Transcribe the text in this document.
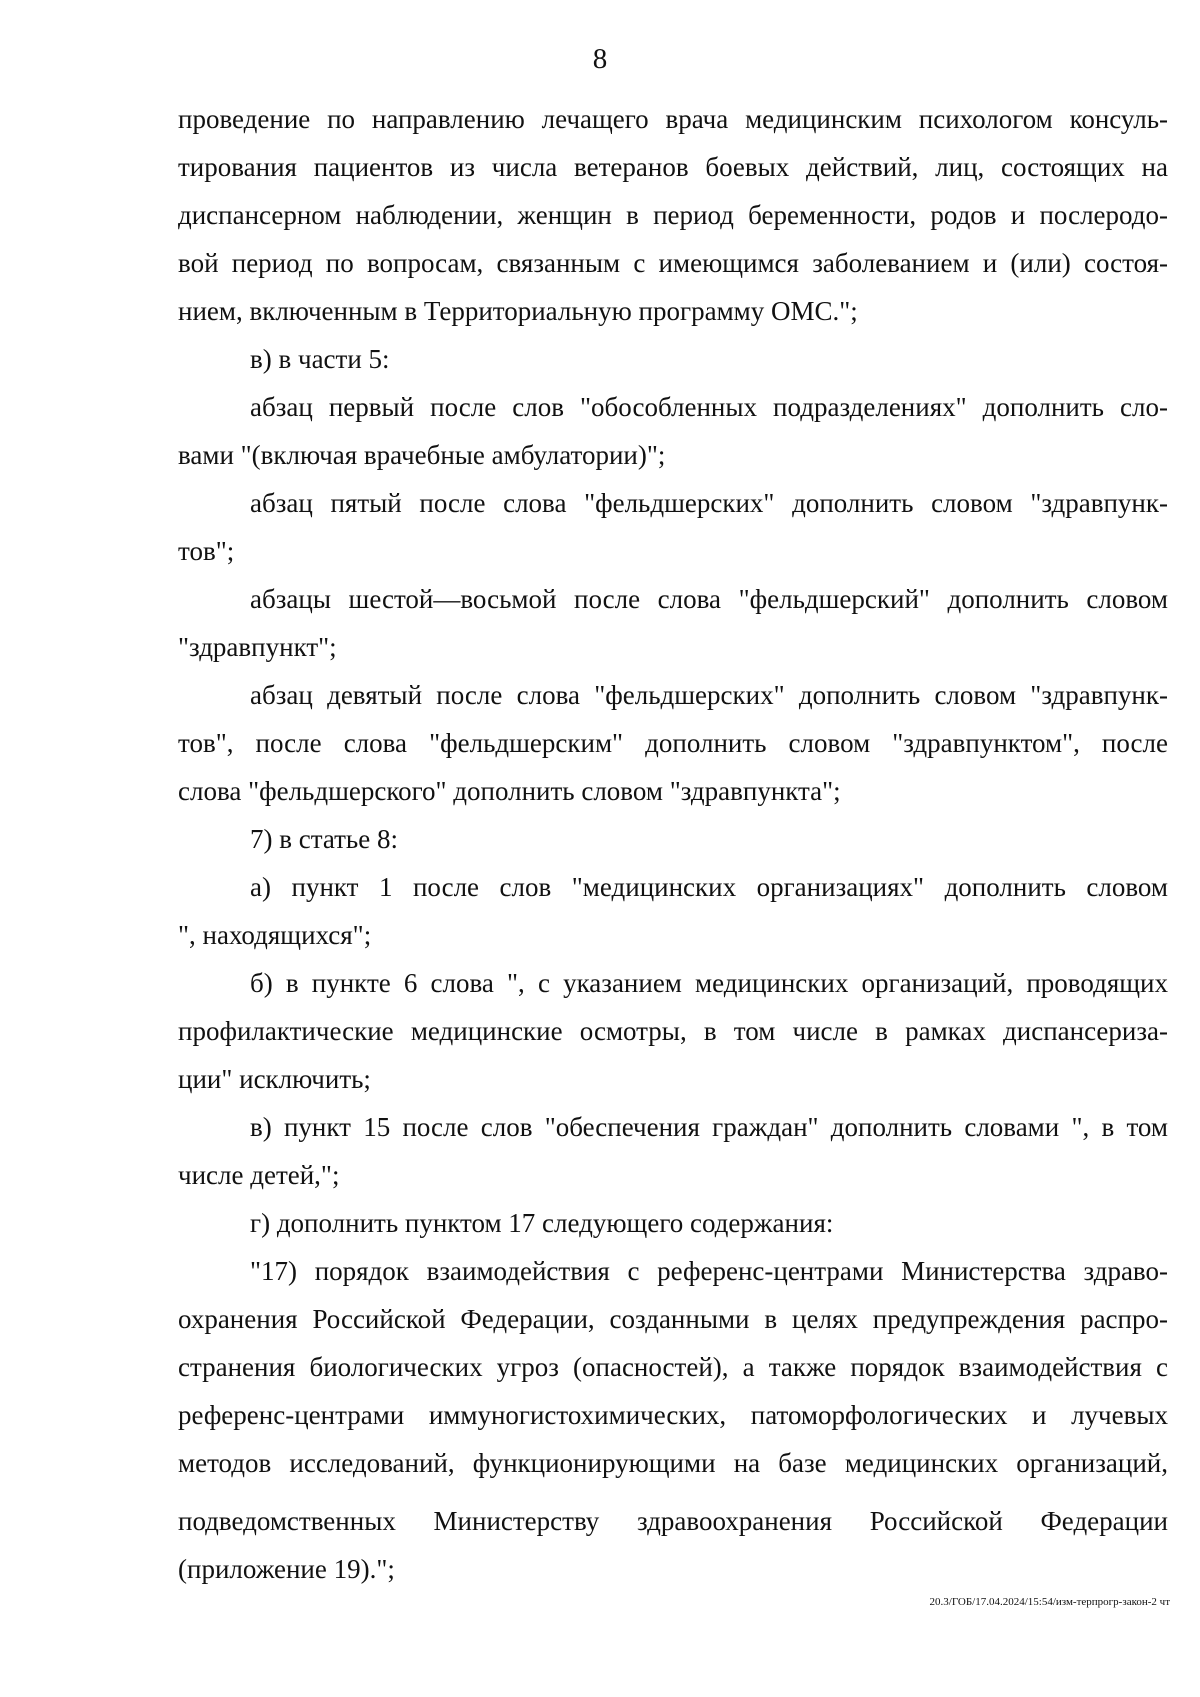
8
проведение по направлению лечащего врача медицинским психологом консуль-
тирования пациентов из числа ветеранов боевых действий, лиц, состоящих на
диспансерном наблюдении, женщин в период беременности, родов и послеродо-
вой период по вопросам, связанным с имеющимся заболеванием и (или) состоя-
нием, включенным в Территориальную программу ОМС.";
в) в части 5:
абзац первый после слов "обособленных подразделениях" дополнить сло-
вами "(включая врачебные амбулатории)";
абзац пятый после слова "фельдшерских" дополнить словом "здравпунк-
тов";
абзацы шестой—восьмой после слова "фельдшерский" дополнить словом
"здравпункт";
абзац девятый после слова "фельдшерских" дополнить словом "здравпунк-
тов", после слова "фельдшерским" дополнить словом "здравпунктом", после
слова "фельдшерского" дополнить словом "здравпункта";
7) в статье 8:
а) пункт 1 после слов "медицинских организациях" дополнить словом
", находящихся";
б) в пункте 6 слова ", с указанием медицинских организаций, проводящих
профилактические медицинские осмотры, в том числе в рамках диспансериза-
ции" исключить;
в) пункт 15 после слов "обеспечения граждан" дополнить словами ", в том
числе детей,";
г) дополнить пунктом 17 следующего содержания:
"17) порядок взаимодействия с референс-центрами Министерства здраво-
охранения Российской Федерации, созданными в целях предупреждения распро-
странения биологических угроз (опасностей), а также порядок взаимодействия с
референс-центрами иммуногистохимических, патоморфологических и лучевых
методов исследований, функционирующими на базе медицинских организаций,
подведомственных Министерству здравоохранения Российской Федерации
(приложение 19).";
20.3/ГОБ/17.04.2024/15:54/изм-терпрогр-закон-2 чт
